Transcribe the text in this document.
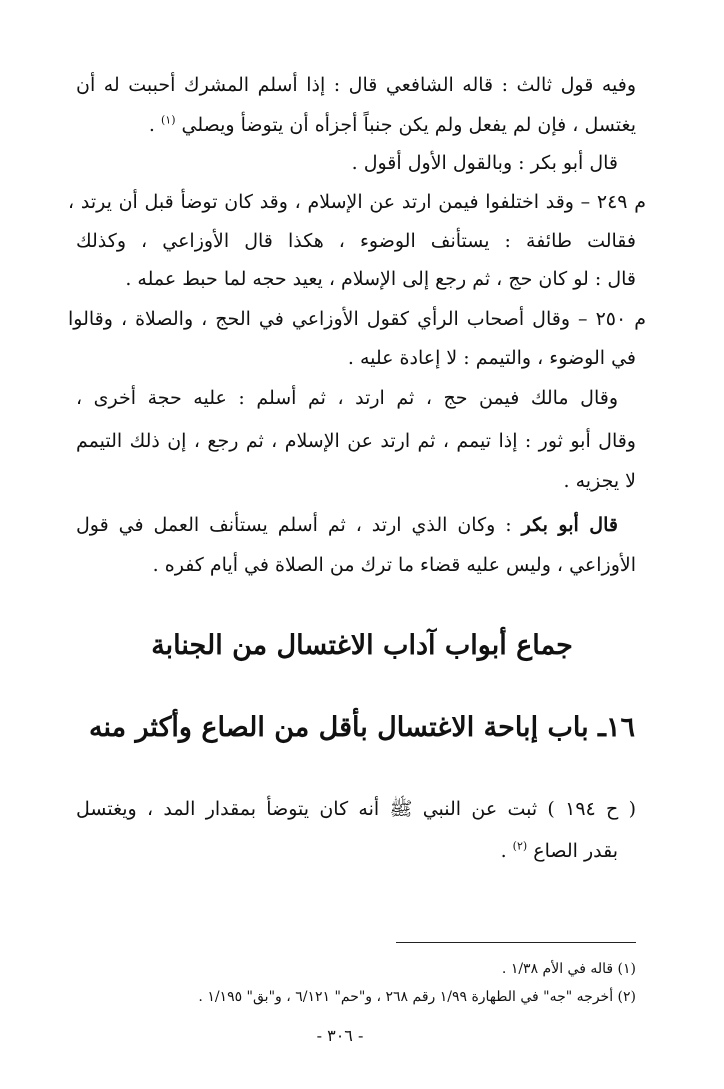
وفيه قول ثالث : قاله الشافعي قال : إذا أسلم المشرك أحببت له أن
يغتسل ، فإن لم يفعل ولم يكن جنباً أجزأه أن يتوضأ ويصلي $^{(١)}$ .
قال أبو بكر : وبالقول الأول أقول .
م ٢٤٩ – وقد اختلفوا فيمن ارتد عن الإسلام ، وقد كان توضأ قبل أن يرتد ،
فقالت طائفة : يستأنف الوضوء ، هكذا قال الأوزاعي ، وكذلك
قال : لو كان حج ، ثم رجع إلى الإسلام ، يعيد حجه لما حبط عمله .
م ٢٥٠ – وقال أصحاب الرأي كقول الأوزاعي في الحج ، والصلاة ، وقالوا
في الوضوء ، والتيمم : لا إعادة عليه .
وقال مالك فيمن حج ، ثم ارتد ، ثم أسلم : عليه حجة أخرى ،
وقال أبو ثور : إذا تيمم ، ثم ارتد عن الإسلام ، ثم رجع ، إن ذلك التيمم
لا يجزيه .
قال أبو بكر : وكان الذي ارتد ، ثم أسلم يستأنف العمل في قول
الأوزاعي ، وليس عليه قضاء ما ترك من الصلاة في أيام كفره .
جماع أبواب آداب الاغتسال من الجنابة
١٦ـ باب إباحة الاغتسال بأقل من الصاع وأكثر منه
( ح ١٩٤ ) ثبت عن النبي ﷺ أنه كان يتوضأ بمقدار المد ، ويغتسل
بقدر الصاع $^{(٢)}$ .
(١) قاله في الأم ١/٣٨ .
(٢) أخرجه "جه" في الطهارة ١/٩٩ رقم ٢٦٨ ، و"حم" ٦/١٢١ ، و"بق" ١/١٩٥ .
- ٣٠٦ -
